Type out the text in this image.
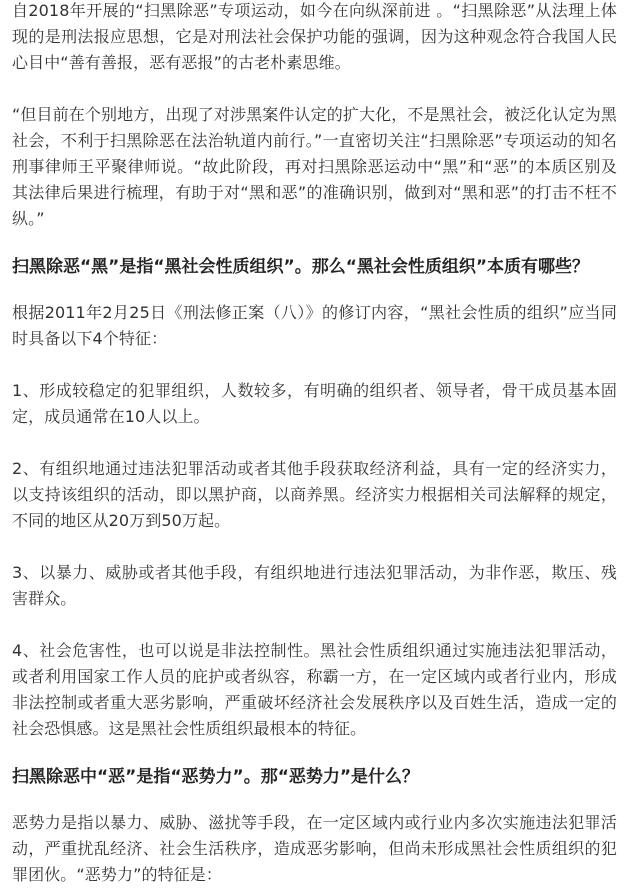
自2018年开展的“扫黑除恶”专项运动，如今在向纵深前进 。“扫黑除恶”从法理上体现的是刑法报应思想，它是对刑法社会保护功能的强调，因为这种观念符合我国人民心目中“善有善报，恶有恶报”的古老朴素思维。

“但目前在个别地方，出现了对涉黑案件认定的扩大化，不是黑社会，被泛化认定为黑社会，不利于扫黑除恶在法治轨道内前行。”一直密切关注“扫黑除恶”专项运动的知名刑事律师王平聚律师说。“故此阶段，再对扫黑除恶运动中“黑”和“恶”的本质区别及其法律后果进行梳理，有助于对“黑和恶”的准确识别，做到对“黑和恶”的打击不枉不纵。”

扫黑除恶“黑”是指“黑社会性质组织”。那么“黑社会性质组织”本质有哪些？

根据2011年2月25日《刑法修正案（八）》的修订内容，“黑社会性质的组织”应当同时具备以下4个特征：

1、形成较稳定的犯罪组织，人数较多，有明确的组织者、领导者，骨干成员基本固定，成员通常在10人以上。

2、有组织地通过违法犯罪活动或者其他手段获取经济利益，具有一定的经济实力，以支持该组织的活动，即以黑护商，以商养黑。经济实力根据相关司法解释的规定，不同的地区从20万到50万起。

3、以暴力、威胁或者其他手段，有组织地进行违法犯罪活动，为非作恶，欺压、残害群众。

4、社会危害性，也可以说是非法控制性。黑社会性质组织通过实施违法犯罪活动，或者利用国家工作人员的庇护或者纵容，称霸一方，在一定区域内或者行业内，形成非法控制或者重大恶劣影响，严重破坏经济社会发展秩序以及百姓生活，造成一定的社会恐惧感。这是黑社会性质组织最根本的特征。

扫黑除恶中“恶”是指“恶势力”。那“恶势力”是什么？

恶势力是指以暴力、威胁、滋扰等手段，在一定区域内或行业内多次实施违法犯罪活动，严重扰乱经济、社会生活秩序，造成恶劣影响，但尚未形成黑社会性质组织的犯罪团伙。“恶势力”的特征是：
